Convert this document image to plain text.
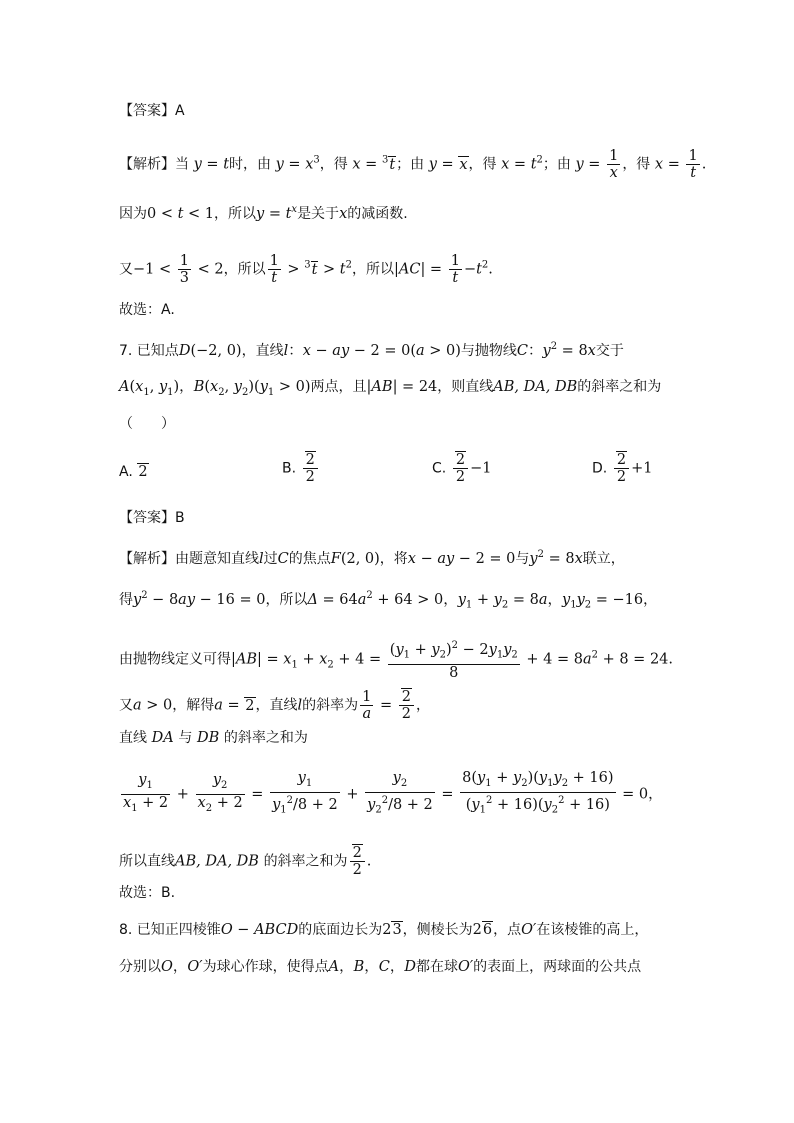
【答案】A
【解析】当 y = t时，由 $y = x^3$，得 x = $^3$t；由 y = x，得 $x = t^2$；由 $y = \frac{1}{x}$ ，得 $x = \frac{1}{t}$ .
因为0 < t < 1，所以$y = t^x$是关于x的减函数.
又$-1 < \frac{1}{3} < 2$，所以 $\frac{1}{t} > ^3t > t^2$，所以$|AC| = \frac{1}{t} -t^2$.
故选：A.
7. 已知点D(−2, 0)，直线l：x − ay − 2 = 0(a > 0)与抛物线C：$y^2 = 8x$交于
$A(x_1$, $y_1$)，$B(x_2$, $y_2)(y_1 > 0)$两点，且|AB| = 24，则直线AB, DA, DB的斜率之和为
（　　）
A. 2	B. $\frac{2}{2}$	C. $\frac{2}{2} -1$	D. $\frac{2}{2} +1$
【答案】B
【解析】由题意知直线l过C的焦点F(2, 0)，将x − ay − 2 = 0与$y^2 = 8x$联立，
得$y^2 - 8ay - 16 = 0$，所以$\Delta = 64a^2 + 64 > 0$，$y_1 + y_2 = 8a$，$y_1y_2 = -16$，
由抛物线定义可得$|AB| = x_1 + x_2 + 4 = \frac{(y_1 + y_2)^2 - 2y_1y_2}{8} + 4 = 8a^2 + 8 = 24$.
又a > 0，解得a = 2，直线l的斜率为 $\frac{1}{a} = \frac{2}{2}$ ，
直线 DA 与 DB 的斜率之和为
$\frac{y_1}{x_1 + 2} + \frac{y_2}{x_2 + 2} = \frac{y_1}{y_1^2/8 + 2} + \frac{y_2}{y_2^2/8 + 2} = \frac{8(y_1 + y_2)(y_1y_2 + 16)}{(y_1^2 + 16)(y_2^2 + 16)} = 0$，
所以直线AB, DA, DB 的斜率之和为 $\frac{2}{2}$ .
故选：B.
8. 已知正四棱锥O − ABCD的底面边长为23，侧棱长为26，点O′在该棱锥的高上，
分别以O，O′为球心作球，使得点A，B，C，D都在球O′的表面上，两球面的公共点
